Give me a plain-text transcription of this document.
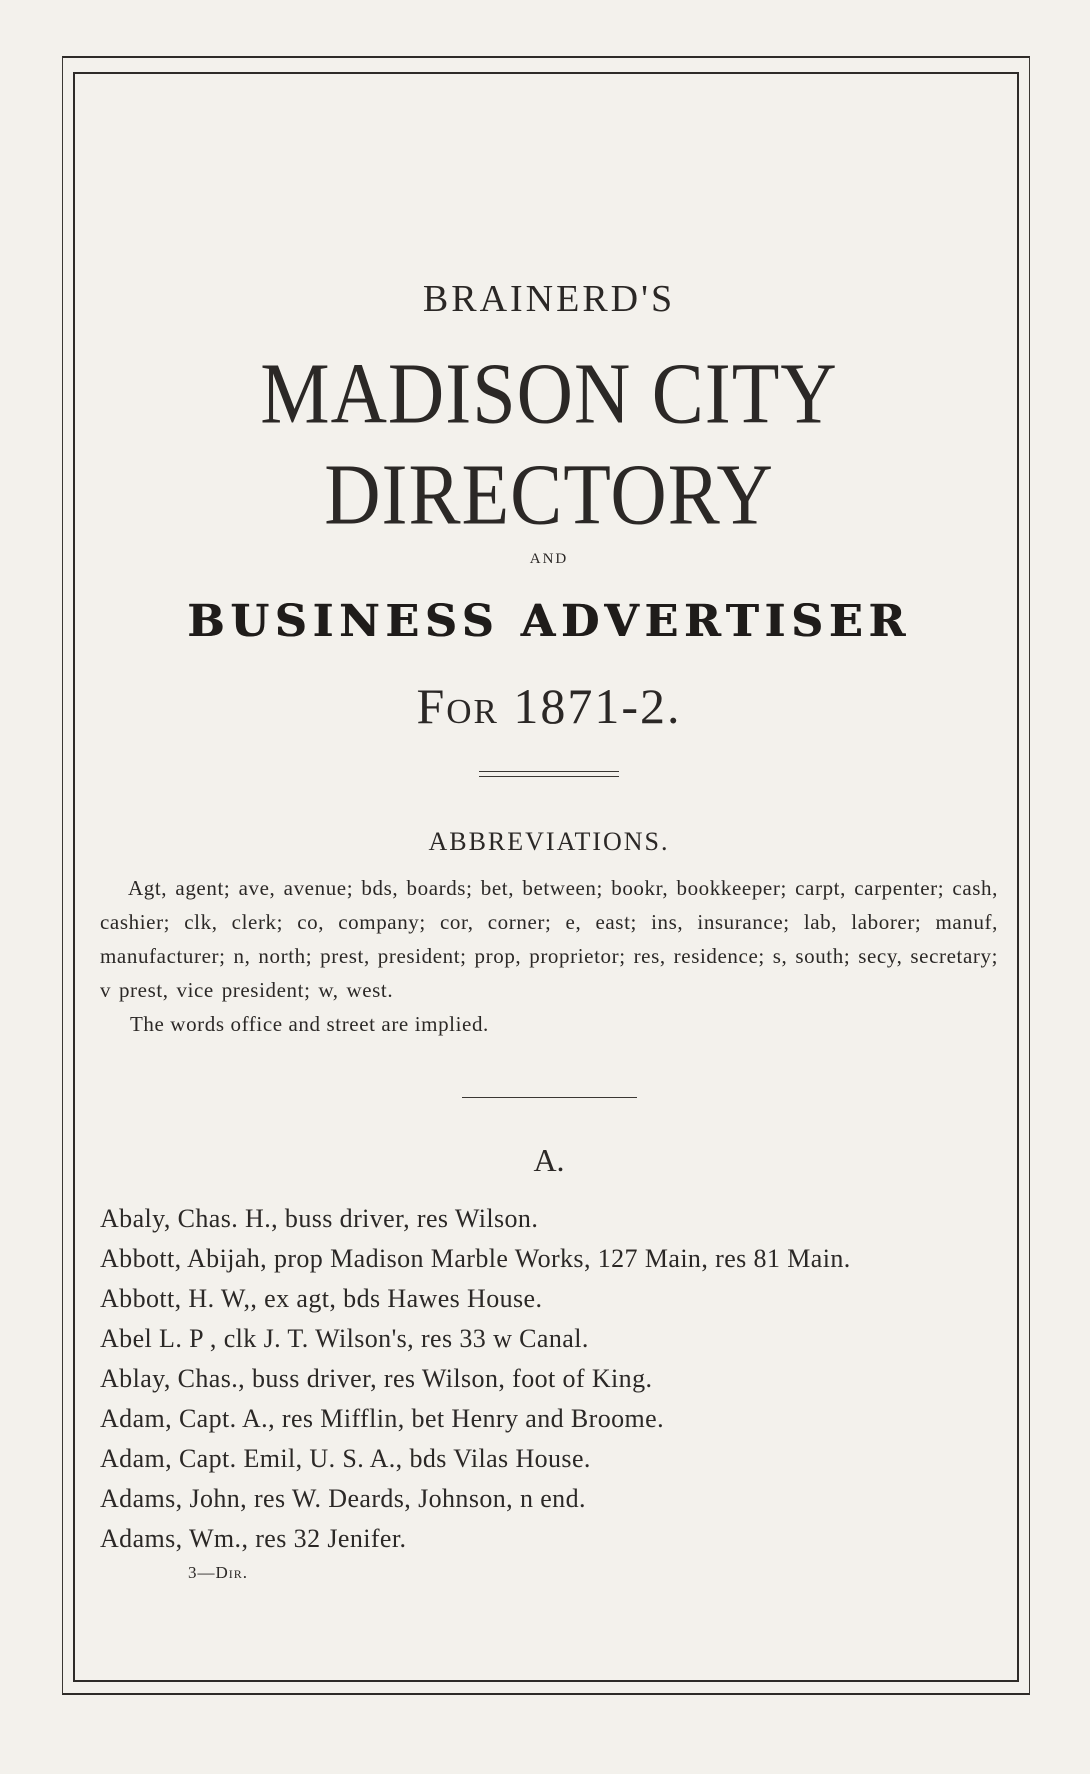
BRAINERD'S
MADISON CITY DIRECTORY
AND
BUSINESS ADVERTISER
For 1871-2.
ABBREVIATIONS.
Agt, agent; ave, avenue; bds, boards; bet, between; bookr, bookkeeper; carpt, carpenter; cash, cashier; clk, clerk; co, company; cor, corner; e, east; ins, insurance; lab, laborer; manuf, manufacturer; n, north; prest, president; prop, proprietor; res, residence; s, south; secy, secretary; v prest, vice president; w, west.
The words office and street are implied.
A.
Abaly, Chas. H., buss driver, res Wilson.
Abbott, Abijah, prop Madison Marble Works, 127 Main, res 81 Main.
Abbott, H. W,, ex agt, bds Hawes House.
Abel L. P , clk J. T. Wilson's, res 33 w Canal.
Ablay, Chas., buss driver, res Wilson, foot of King.
Adam, Capt. A., res Mifflin, bet Henry and Broome.
Adam, Capt. Emil, U. S. A., bds Vilas House.
Adams, John, res W. Deards, Johnson, n end.
Adams, Wm., res 32 Jenifer.
3—Dir.
